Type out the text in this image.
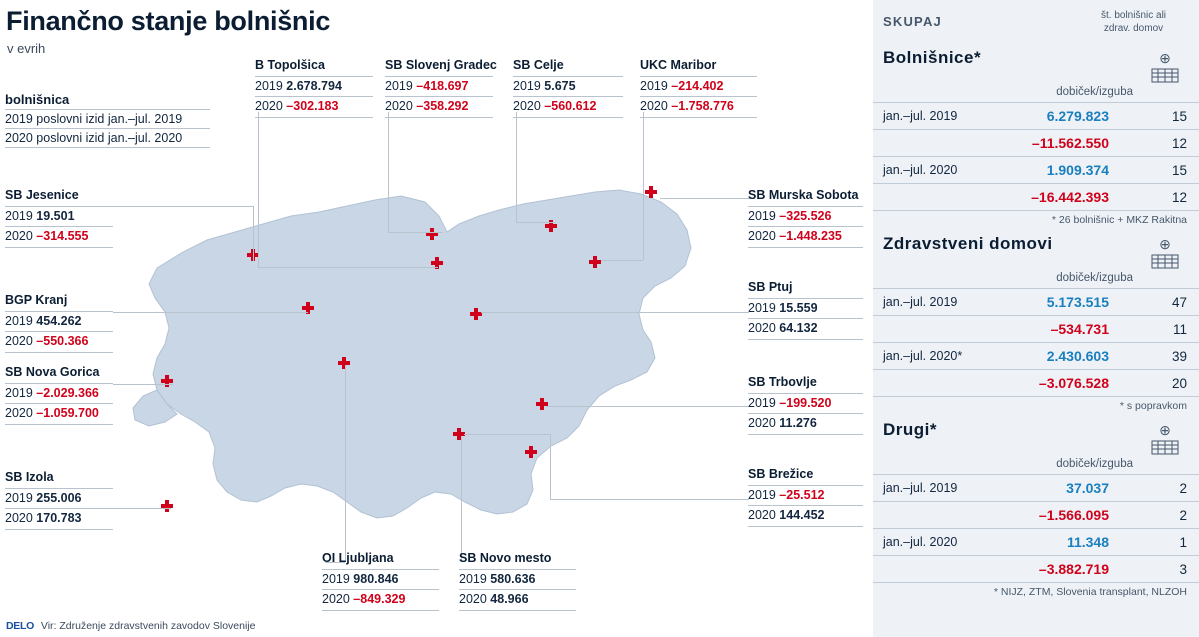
Finančno stanje bolnišnic
v evrih
bolnišnica
2019 poslovni izid jan.–jul. 2019
2020 poslovni izid jan.–jul. 2020
B Topolšica
2019 2.678.794
2020 –302.183
SB Slovenj Gradec
2019 –418.697
2020 –358.292
SB Celje
2019 5.675
2020 –560.612
UKC Maribor
2019 –214.402
2020 –1.758.776
SB Jesenice
2019 19.501
2020 –314.555
BGP Kranj
2019 454.262
2020 –550.366
SB Nova Gorica
2019 –2.029.366
2020 –1.059.700
SB Izola
2019 255.006
2020 170.783
SB Murska Sobota
2019 –325.526
2020 –1.448.235
SB Ptuj
2019 15.559
2020 64.132
SB Trbovlje
2019 –199.520
2020 11.276
SB Brežice
2019 –25.512
2020 144.452
OI Ljubljana
2019 980.846
2020 –849.329
SB Novo mesto
2019 580.636
2020 48.966
SKUPAJ	št. bolnišnic ali
zdrav. domov
Bolnišnice*
dobiček/izguba
⊕
jan.–jul. 2019	6.279.823	15
	–11.562.550	12
jan.–jul. 2020	1.909.374	15
	–16.442.393	12
* 26 bolnišnic + MKZ Rakitna
Zdravstveni domovi
dobiček/izguba
⊕
jan.–jul. 2019	5.173.515	47
	–534.731	11
jan.–jul. 2020*	2.430.603	39
	–3.076.528	20
* s popravkom
Drugi*
dobiček/izguba
⊕
jan.–jul. 2019	37.037	2
	–1.566.095	2
jan.–jul. 2020	11.348	1
	–3.882.719	3
* NIJZ, ZTM, Slovenia transplant, NLZOH
DELO Vir: Združenje zdravstvenih zavodov Slovenije
